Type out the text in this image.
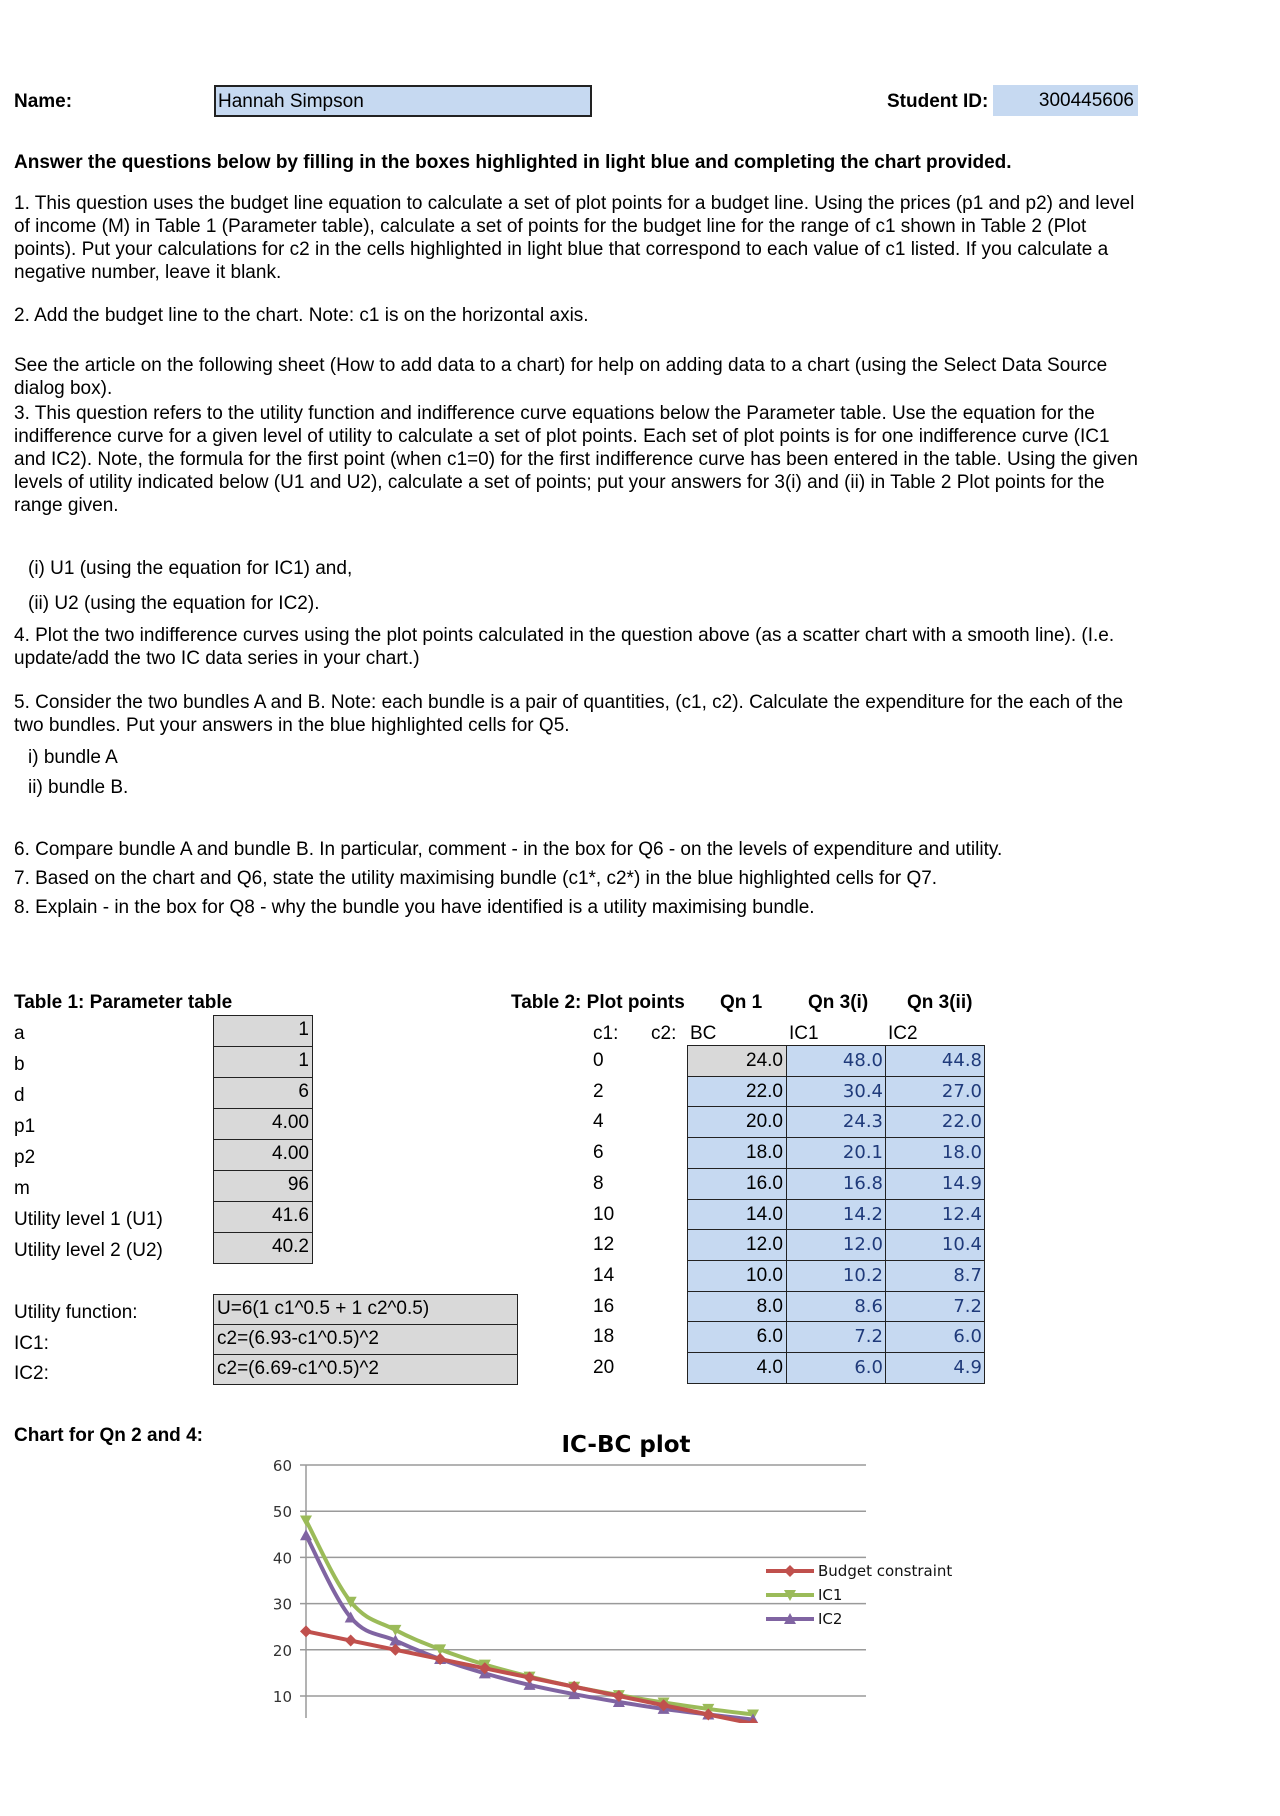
Name:	Hannah Simpson	Student ID:	300445606
Answer the questions below by filling in the boxes highlighted in light blue and completing the chart provided.
1. This question uses the budget line equation to calculate a set of plot points for a budget line. Using the prices (p1 and p2) and level of income (M) in Table 1 (Parameter table), calculate a set of points for the budget line for the range of c1 shown in Table 2 (Plot points). Put your calculations for c2 in the cells highlighted in light blue that correspond to each value of c1 listed. If you calculate a negative number, leave it blank.
2. Add the budget line to the chart. Note: c1 is on the horizontal axis.
See the article on the following sheet (How to add data to a chart) for help on adding data to a chart (using the Select Data Source dialog box).
3. This question refers to the utility function and indifference curve equations below the Parameter table. Use the equation for the indifference curve for a given level of utility to calculate a set of plot points. Each set of plot points is for one indifference curve (IC1 and IC2). Note, the formula for the first point (when c1=0) for the first indifference curve has been entered in the table. Using the given levels of utility indicated below (U1 and U2), calculate a set of points; put your answers for 3(i) and (ii) in Table 2 Plot points for the range given.
(i) U1 (using the equation for IC1) and,
(ii) U2 (using the equation for IC2).
4. Plot the two indifference curves using the plot points calculated in the question above (as a scatter chart with a smooth line). (I.e. update/add the two IC data series in your chart.)
5. Consider the two bundles A and B. Note: each bundle is a pair of quantities, (c1, c2). Calculate the expenditure for the each of the two bundles. Put your answers in the blue highlighted cells for Q5.
i) bundle A
ii) bundle B.
6. Compare bundle A and bundle B. In particular, comment - in the box for Q6 - on the levels of expenditure and utility.
7. Based on the chart and Q6, state the utility maximising bundle (c1*, c2*) in the blue highlighted cells for Q7.
8. Explain - in the box for Q8 - why the bundle you have identified is a utility maximising bundle.
Table 1: Parameter table
a	1
b	1
d	6
p1	4.00
p2	4.00
m	96
Utility level 1 (U1)	41.6
Utility level 2 (U2)	40.2
Utility function:	U=6(1 c1^0.5 + 1 c2^0.5)
IC1:	c2=(6.93-c1^0.5)^2
IC2:	c2=(6.69-c1^0.5)^2
Table 2: Plot points Qn 1 Qn 3(i) Qn 3(ii)
c1: c2: BC	IC1	IC2
0	24.0	48.0	44.8
2	22.0	30.4	27.0
4	20.0	24.3	22.0
6	18.0	20.1	18.0
8	16.0	16.8	14.9
10	14.0	14.2	12.4
12	12.0	12.0	10.4
14	10.0	10.2	8.7
16	8.0	8.6	7.2
18	6.0	7.2	6.0
20	4.0	6.0	4.9
Chart for Qn 2 and 4:	IC-BC plot
60
50
40
30
20
10
Budget constraint
IC1
IC2
